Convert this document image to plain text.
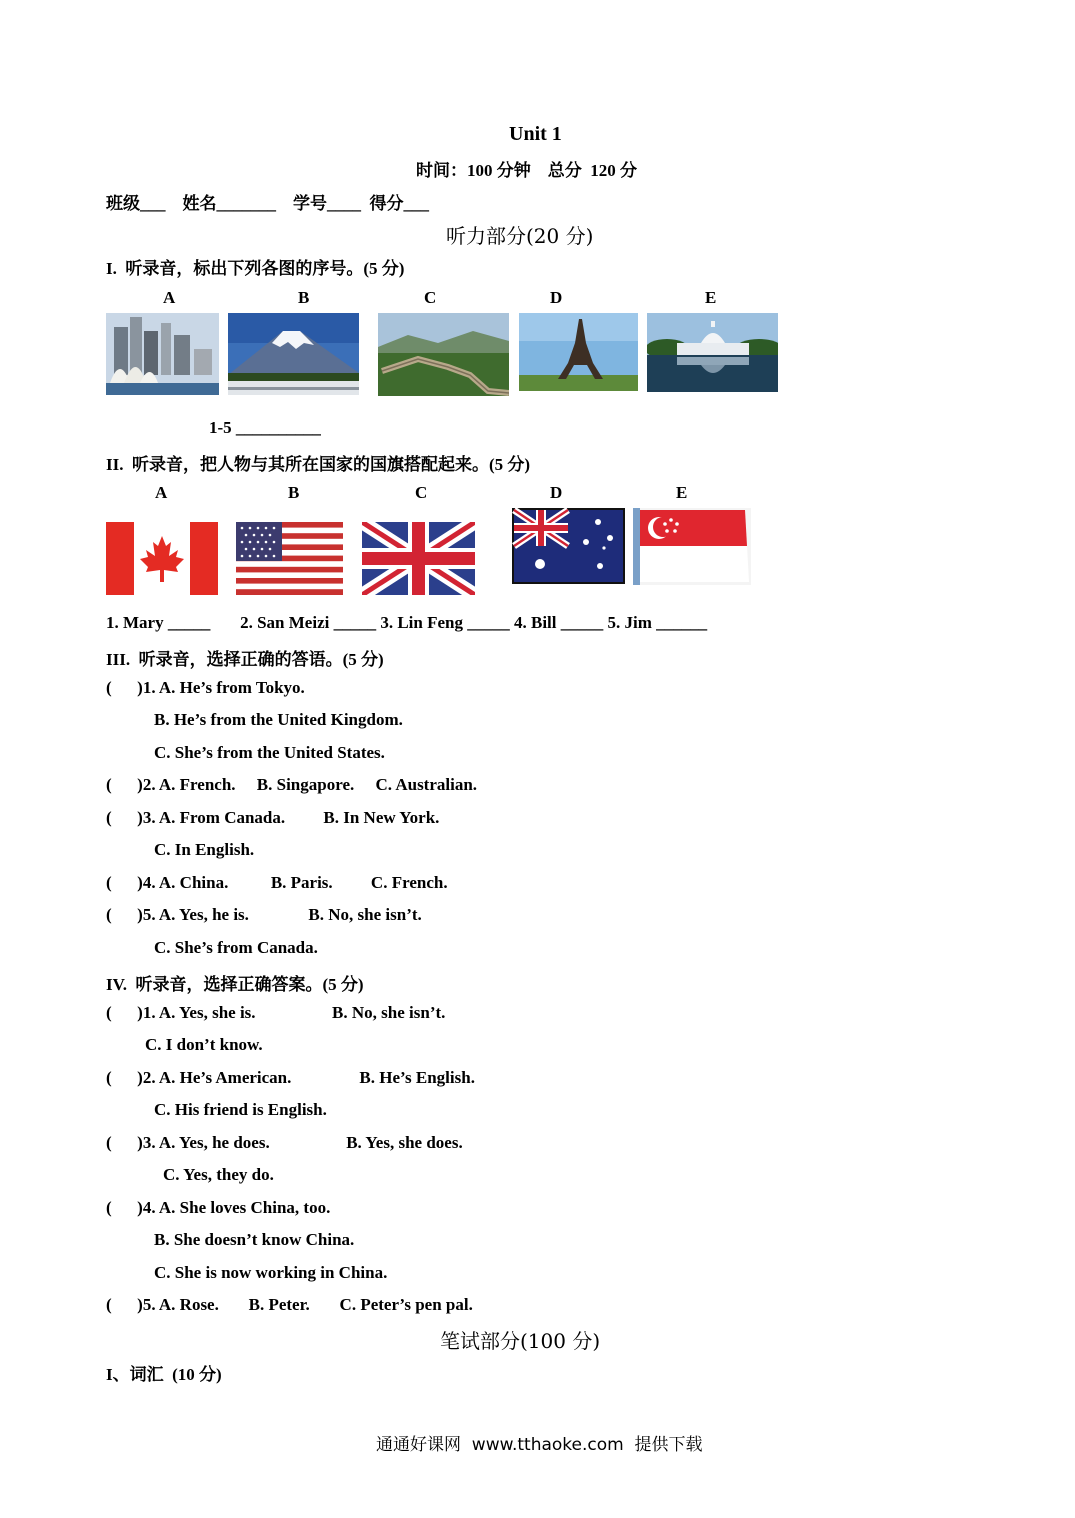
Unit 1
时间：100 分钟    总分  120 分
班级___    姓名_______    学号____  得分___
听力部分(20 分)
I.  听录音，标出下列各图的序号。(5 分)
A	B	C	D	E
1-5 __________
II.  听录音，把人物与其所在国家的国旗搭配起来。(5 分)
A	B	C	D	E
1. Mary _____       2. San Meizi _____ 3. Lin Feng _____ 4. Bill _____ 5. Jim ______
III.  听录音，选择正确的答语。(5 分)
(      )1. A. He’s from Tokyo.
B. He’s from the United Kingdom.
C. She’s from the United States.
(      )2. A. French.     B. Singapore.     C. Australian.
(      )3. A. From Canada.         B. In New York.
C. In English.
(      )4. A. China.          B. Paris.         C. French.
(      )5. A. Yes, he is.              B. No, she isn’t.
C. She’s from Canada.
IV.  听录音，选择正确答案。(5 分)
(      )1. A. Yes, she is.                  B. No, she isn’t.
C. I don’t know.
(      )2. A. He’s American.                B. He’s English.
C. His friend is English.
(      )3. A. Yes, he does.                  B. Yes, she does.
C. Yes, they do.
(      )4. A. She loves China, too.
B. She doesn’t know China.
C. She is now working in China.
(      )5. A. Rose.       B. Peter.       C. Peter’s pen pal.
笔试部分(100 分)
I、词汇  (10 分)
通通好课网  www.tthaoke.com  提供下载
